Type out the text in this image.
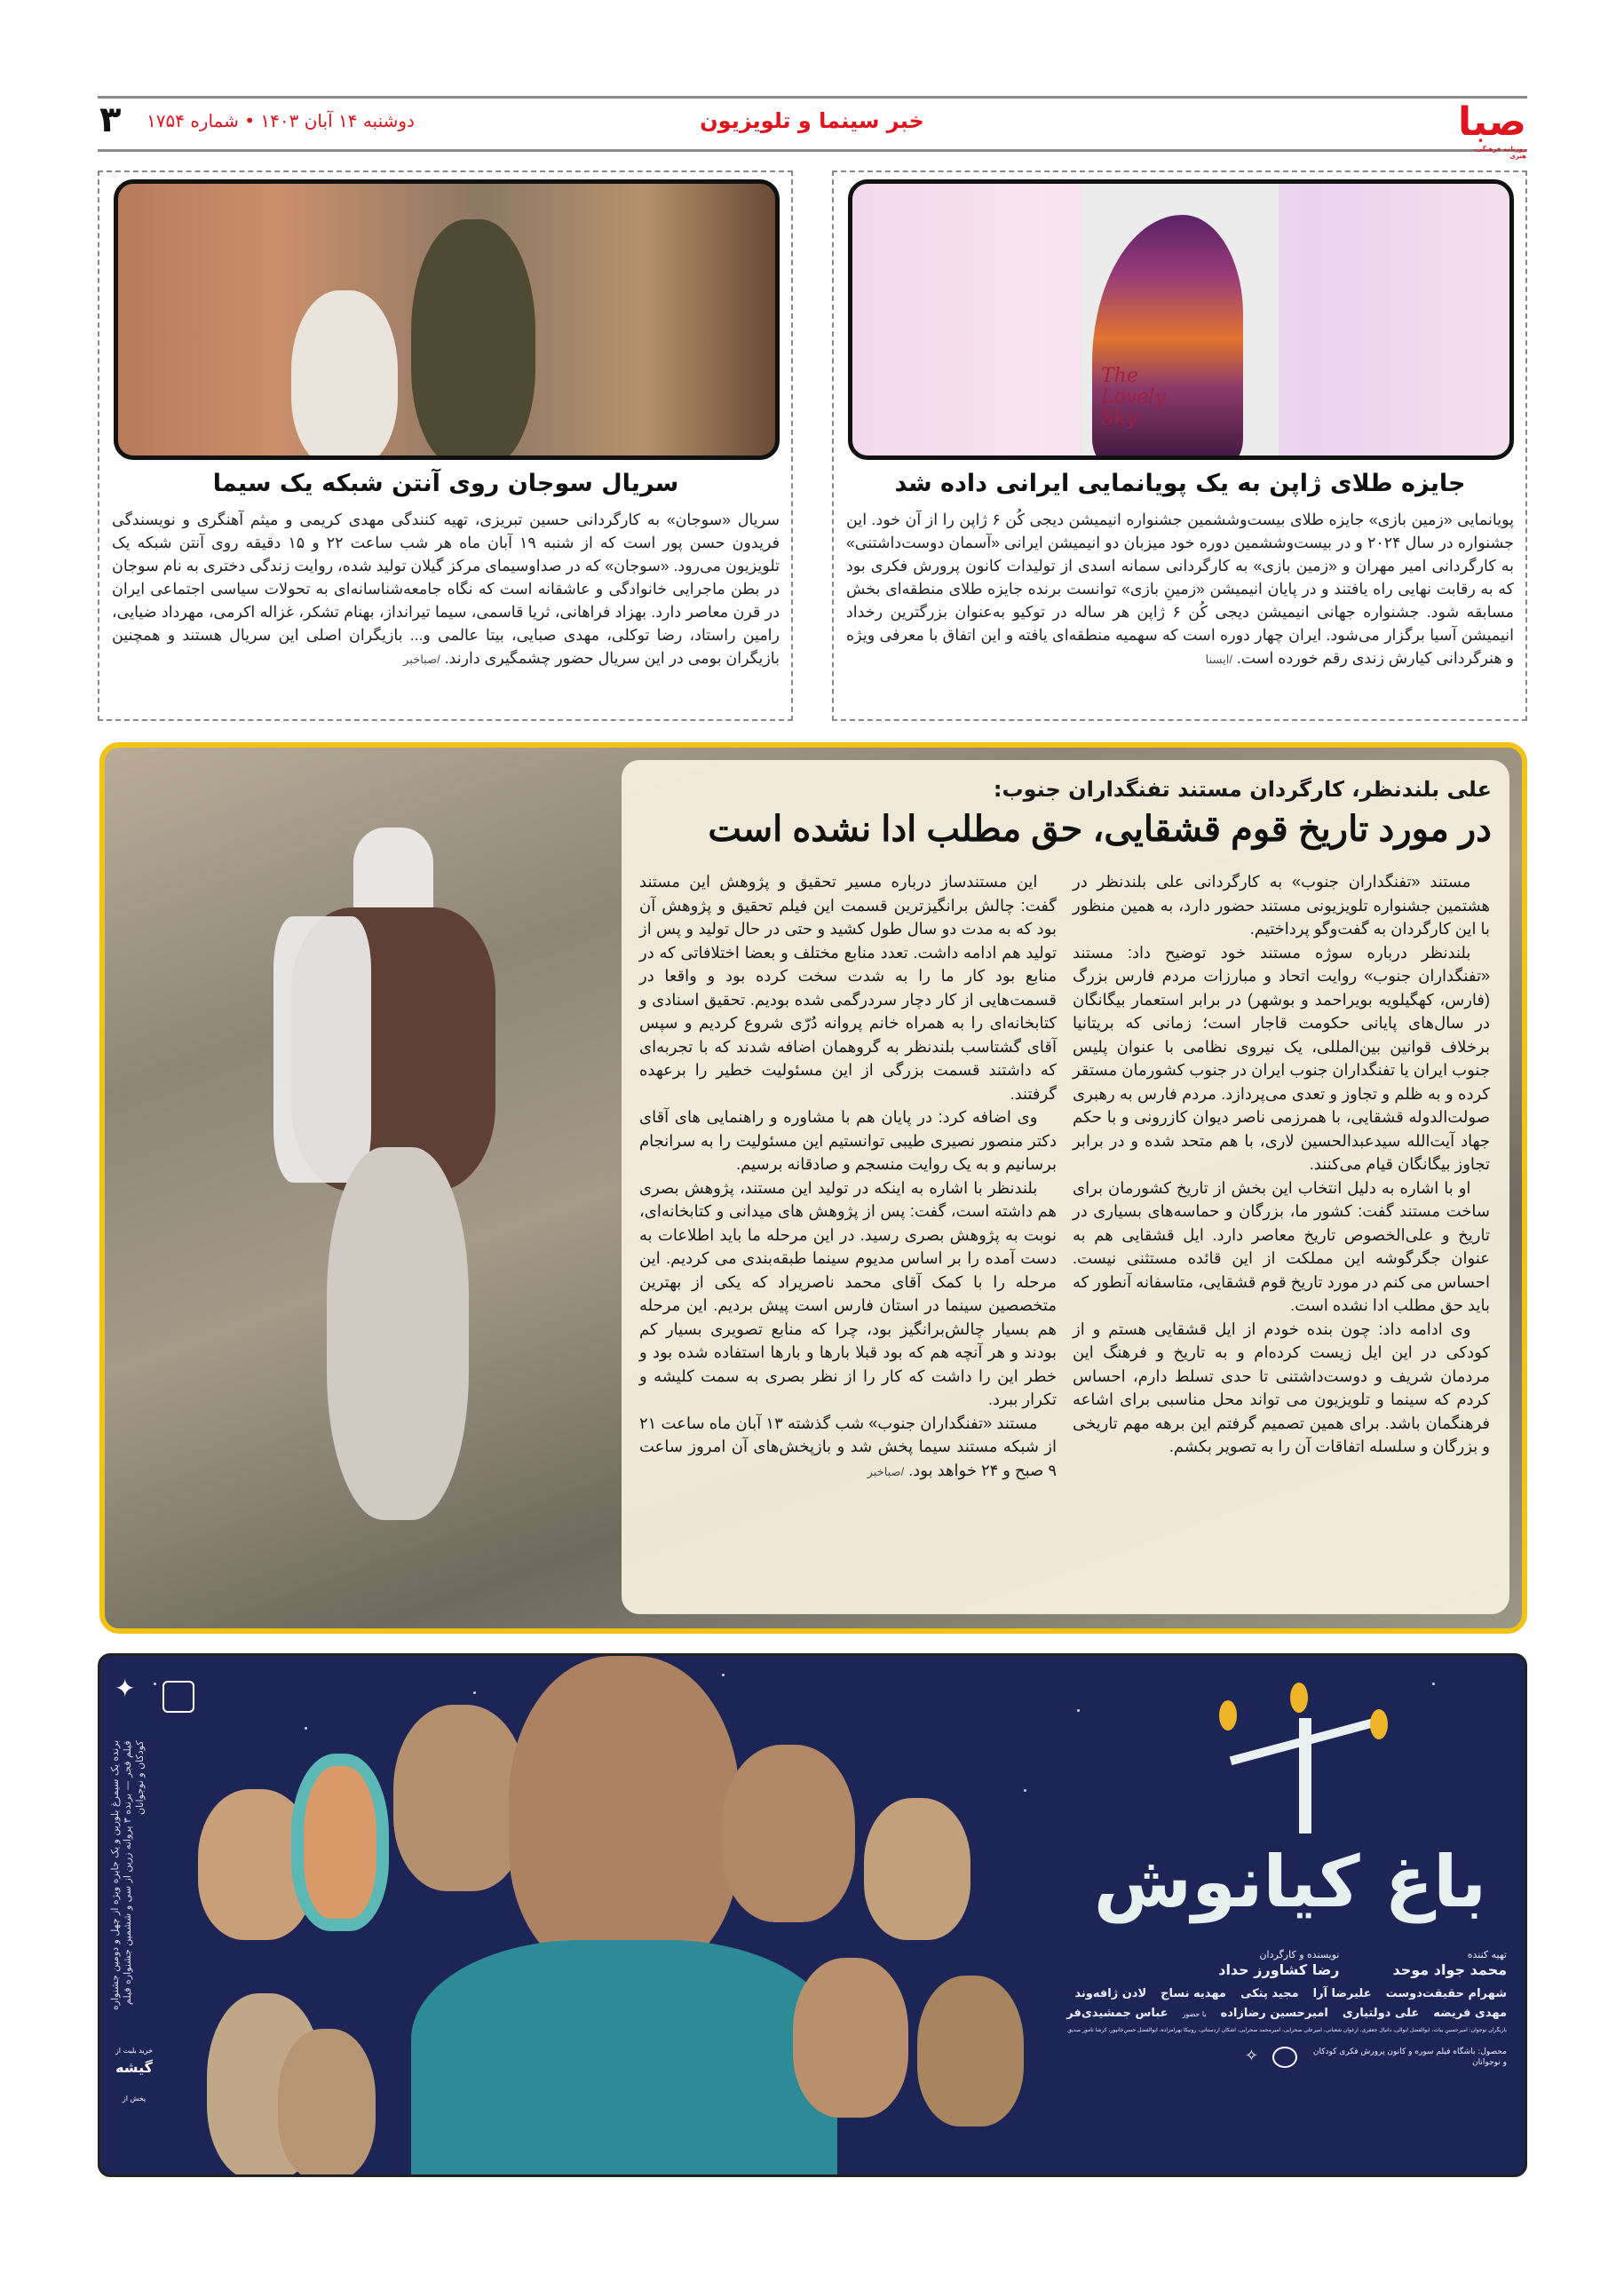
صبا
روزنامه فرهنگی، هنری
خبر سینما و تلویزیون
دوشنبه ۱۴ آبان ۱۴۰۳ • شماره ۱۷۵۴
۳
The Lovely Sky
جایزه طلای ژاپن به یک پویانمایی ایرانی داده شد
پویانمایی «زمین بازی» جایزه طلای بیست‌وششمین جشنواره انیمیشن دیجی کُن ۶ ژاپن را از آن خود. این جشنواره در سال ۲۰۲۴ و در بیست‌وششمین دوره خود میزبان دو انیمیشن ایرانی «آسمان دوست‌داشتنی» به کارگردانی امیر مهران و «زمین بازی» به کارگردانی سمانه اسدی از تولیدات کانون پرورش فکری بود که به رقابت نهایی راه یافتند و در پایان انیمیشن «زمینِ بازی» توانست برنده جایزه طلای منطقه‌ای بخش مسابقه شود. جشنواره جهانی انیمیشن دیجی کُن ۶ ژاپن هر ساله در توکیو به‌عنوان بزرگترین رخداد انیمیشن آسیا برگزار می‌شود. ایران چهار دوره است که سهمیه منطقه‌ای یافته و این اتفاق با معرفی ویژه و هنرگردانی کیارش زندی رقم خورده است. /ایسنا
سریال سوجان روی آنتن شبکه یک سیما
سریال «سوجان» به کارگردانی حسین تبریزی، تهیه کنندگی مهدی کریمی و میثم آهنگری و نویسندگی فریدون حسن پور است که از شنبه ۱۹ آبان ماه هر شب ساعت ۲۲ و ۱۵ دقیقه روی آنتن شبکه یک تلویزیون می‌رود. «سوجان» که در صداوسیمای مرکز گیلان تولید شده، روایت زندگی دختری به نام سوجان در بطن ماجرایی خانوادگی و عاشقانه است که نگاه جامعه‌شناسانه‌ای به تحولات سیاسی اجتماعی ایران در قرن معاصر دارد. بهزاد فراهانی، ثریا قاسمی، سیما تیرانداز، بهنام تشکر، غزاله اکرمی، مهرداد ضیایی، رامین راستاد، رضا توکلی، مهدی صبایی، بیتا عالمی و... بازیگران اصلی این سریال هستند و همچنین بازیگران بومی در این سریال حضور چشمگیری دارند. /صباخبر
علی بلندنظر، کارگردان مستند تفنگداران جنوب:
در مورد تاریخ قوم قشقایی، حق مطلب ادا نشده است

مستند «تفنگداران جنوب» به کارگردانی علی بلندنظر در هشتمین جشنواره تلویزیونی مستند حضور دارد، به همین منظور با این کارگردان به گفت‌وگو پرداختیم.

بلندنظر درباره سوژه مستند خود توضیح داد: مستند «تفنگداران جنوب» روایت اتحاد و مبارزات مردم فارس بزرگ (فارس، کهگیلویه بویراحمد و بوشهر) در برابر استعمار بیگانگان در سال‌های پایانی حکومت قاجار است؛ زمانی که بریتانیا برخلاف قوانین بین‌المللی، یک نیروی نظامی با عنوان پلیس جنوب ایران یا تفنگداران جنوب ایران در جنوب کشورمان مستقر کرده و به ظلم و تجاوز و تعدی می‌پردازد. مردم فارس به رهبری صولت‌الدوله قشقایی، با همرزمی ناصر دیوان کازرونی و با حکم جهاد آیت‌الله سیدعبدالحسین لاری، با هم متحد شده و در برابر تجاوز بیگانگان قیام می‌کنند.

او با اشاره به دلیل انتخاب این بخش از تاریخ کشورمان برای ساخت مستند گفت: کشور ما، بزرگان و حماسه‌های بسیاری در تاریخ و علی‌الخصوص تاریخ معاصر دارد. ایل قشقایی هم به عنوان جگرگوشه این مملکت از این قائده مستثنی نیست. احساس می کنم در مورد تاریخ قوم قشقایی، متاسفانه آنطور که باید حق مطلب ادا نشده است.

وی ادامه داد: چون بنده خودم از ایل قشقایی هستم و از کودکی در این ایل زیست کرده‌ام و به تاریخ و فرهنگ این مردمان شریف و دوست‌داشتنی تا حدی تسلط دارم، احساس کردم که سینما و تلویزیون می تواند محل مناسبی برای اشاعه فرهنگمان باشد. برای همین تصمیم گرفتم این برهه مهم تاریخی و بزرگان و سلسله اتفاقات آن را به تصویر بکشم.

این مستندساز درباره مسیر تحقیق و پژوهش این مستند گفت: چالش برانگیزترین قسمت این فیلم تحقیق و پژوهش آن بود که به مدت دو سال طول کشید و حتی در حال تولید و پس از تولید هم ادامه داشت. تعدد منابع مختلف و بعضا اختلافاتی که در منابع بود کار ما را به شدت سخت کرده بود و واقعا در قسمت‌هایی از کار دچار سردرگمی شده بودیم. تحقیق اسنادی و کتابخانه‌ای را به همراه خانم پروانه دُرّی شروع کردیم و سپس آقای گشتاسب بلندنظر به گروهمان اضافه شدند که با تجربه‌ای که داشتند قسمت بزرگی از این مسئولیت خطیر را برعهده گرفتند.

وی اضافه کرد: در پایان هم با مشاوره و راهنمایی های آقای دکتر منصور نصیری طیبی توانستیم این مسئولیت را به سرانجام برسانیم و به یک روایت منسجم و صادقانه برسیم.

بلندنظر با اشاره به اینکه در تولید این مستند، پژوهش بصری هم داشته است، گفت: پس از پژوهش های میدانی و کتابخانه‌ای، نوبت به پژوهش بصری رسید. در این مرحله ما باید اطلاعات به دست آمده را بر اساس مدیوم سینما طبقه‌بندی می کردیم. این مرحله را با کمک آقای محمد ناصریراد که یکی از بهترین متخصصین سینما در استان فارس است پیش بردیم. این مرحله هم بسیار چالش‌برانگیز بود، چرا که منابع تصویری بسیار کم بودند و هر آنچه هم که بود قبلا بارها و بارها استفاده شده بود و خطر این را داشت که کار را از نظر بصری به سمت کلیشه و تکرار ببرد.

مستند «تفنگداران جنوب» شب گذشته ۱۳ آبان ماه ساعت ۲۱ از شبکه مستند سیما پخش شد و بازپخش‌های آن امروز ساعت ۹ صبح و ۲۴ خواهد بود. /صباخبر

✦
برنده یک سیمرغ بلورین و یک جایزه ویژه از چهل و دومین جشنواره فیلم فجر — برنده ۳ پروانه زرین از سی و ششمین جشنواره فیلم کودکان و نوجوانان
خرید بلیت از
گیشه
پخش از
باغ کیانوش
تهیه کننده
محمد جواد موحد
نویسنده و کارگردان
رضا کشاورز حداد
شهرام حقیقت‌دوست
علیرضا آرا
مجید پتکی
مهدیه نساج
لادن ژافه‌وند
مهدی فریضه
علی دولتیاری
امیرحسین رضازاده
با حضور
عباس جمشیدی‌فر
بازیگران نوجوان: امیرحسین بیات، ابوالفضل ابوالی، دانیال جعفری، ارغوان شعبانی، امیرعلی صحرایی، امیرمحمد صحرایی، اشکان اردستانی، رونیکا بهرامزاده، ابوالفضل حسن‌خانپور، کرشا نامور صدیق
محصول: باشگاه فیلم سوره و کانون پرورش فکری کودکان و نوجوانان
✧
